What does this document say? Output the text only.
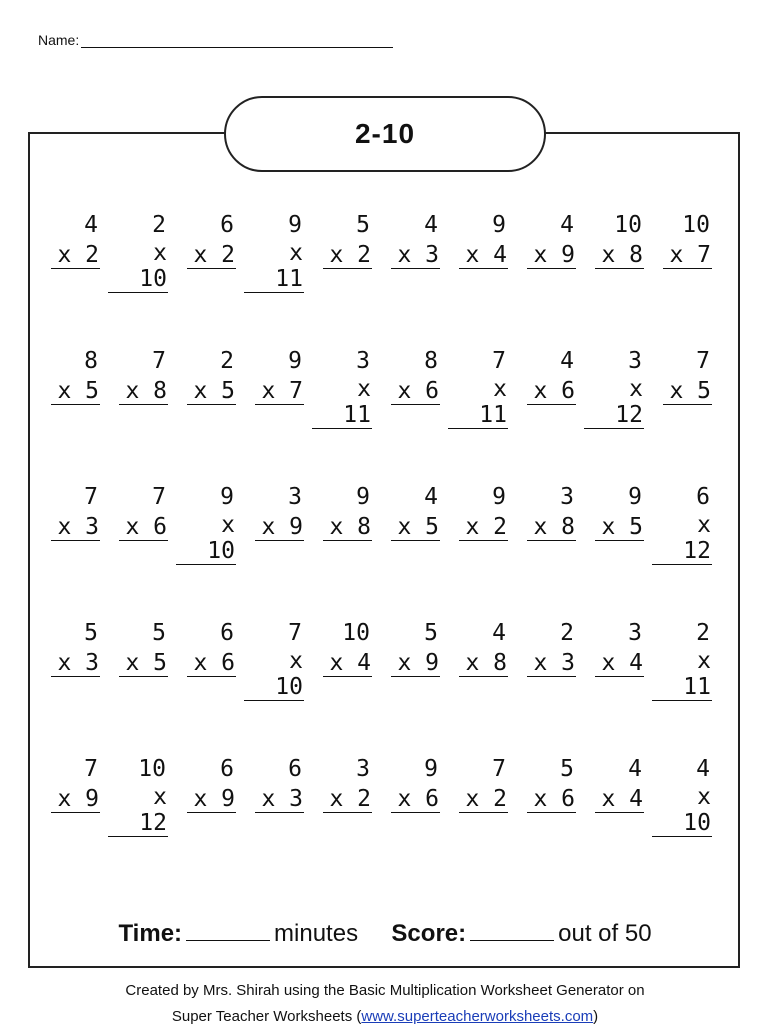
Name:
2-10
4
x 2
2
x 10
6
x 2
9
x 11
5
x 2
4
x 3
9
x 4
4
x 9
10
x 8
10
x 7
8
x 5
7
x 8
2
x 5
9
x 7
3
x 11
8
x 6
7
x 11
4
x 6
3
x 12
7
x 5
7
x 3
7
x 6
9
x 10
3
x 9
9
x 8
4
x 5
9
x 2
3
x 8
9
x 5
6
x 12
5
x 3
5
x 5
6
x 6
7
x 10
10
x 4
5
x 9
4
x 8
2
x 3
3
x 4
2
x 11
7
x 9
10
x 12
6
x 9
6
x 3
3
x 2
9
x 6
7
x 2
5
x 6
4
x 4
4
x 10
Time:	minutes Score:	out of 50
Created by Mrs. Shirah using the Basic Multiplication Worksheet Generator on
Super Teacher Worksheets (www.superteacherworksheets.com)
